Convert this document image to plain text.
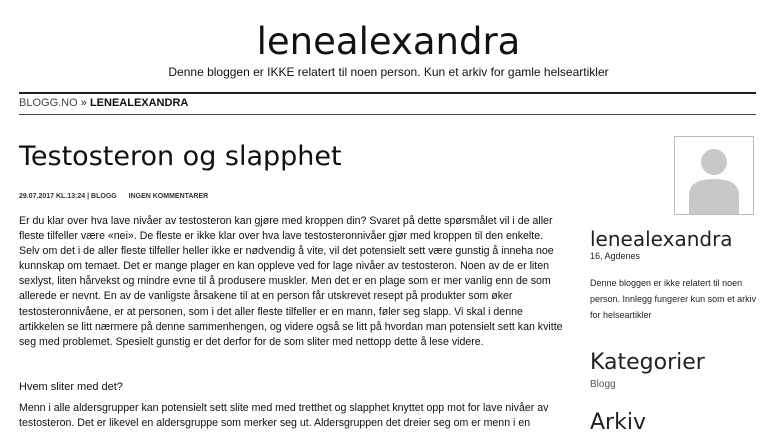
lenealexandra
Denne bloggen er IKKE relatert til noen person. Kun et arkiv for gamle helseartikler
BLOGG.NO » LENEALEXANDRA
Testosteron og slapphet
29.07.2017 KL.13:24 | BLOGG INGEN KOMMENTARER

Er du klar over hva lave nivåer av testosteron kan gjøre med kroppen din? Svaret på dette spørsmålet vil i de aller fleste tilfeller være «nei». De fleste er ikke klar over hva lave testosteronnivåer gjør med kroppen til den enkelte. Selv om det i de aller fleste tilfeller heller ikke er nødvendig å vite, vil det potensielt sett være gunstig å inneha noe kunnskap om temaet. Det er mange plager en kan oppleve ved for lage nivåer av testosteron. Noen av de er liten sexlyst, liten hårvekst og mindre evne til å produsere muskler. Men det er en plage som er mer vanlig enn de som allerede er nevnt. En av de vanligste årsakene til at en person får utskrevet resept på produkter som øker testosteronnivåene, er at personen, som i det aller fleste tilfeller er en mann, føler seg slapp. Vi skal i denne artikkelen se litt nærmere på denne sammenhengen, og videre også se litt på hvordan man potensielt sett kan kvitte seg med problemet. Spesielt gunstig er det derfor for de som sliter med nettopp dette å lese videre.

Hvem sliter med det?
Menn i alle aldersgrupper kan potensielt sett slite med med tretthet og slapphet knyttet opp mot for lave nivåer av testosteron. Det er likevel en aldersgruppe som merker seg ut. Aldersgruppen det dreier seg om er menn i en
lenealexandra
16, Agdenes
Denne bloggen er ikke relatert til noen person. Innlegg fungerer kun som et arkiv for helseartikler
Kategorier
Blogg
Arkiv
